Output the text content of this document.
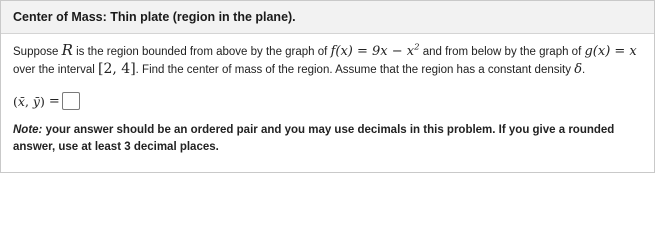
Center of Mass: Thin plate (region in the plane).
Suppose R is the region bounded from above by the graph of $f(x) = 9x - x^2$ and from below by the graph of g(x) = x
over the interval [2, 4]. Find the center of mass of the region. Assume that the region has a constant density δ.
(x̄, ȳ) =
Note: your answer should be an ordered pair and you may use decimals in this problem. If you give a rounded answer, use at least 3 decimal places.
